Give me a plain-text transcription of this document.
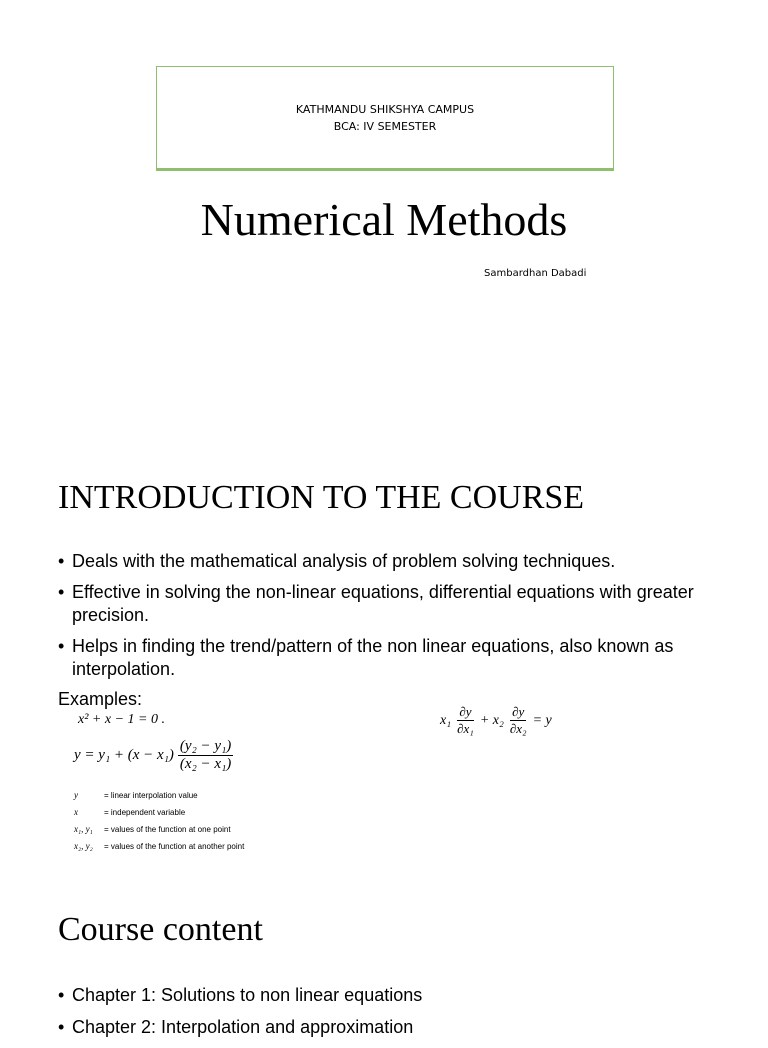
KATHMANDU SHIKSHYA CAMPUS
BCA: IV SEMESTER
Numerical Methods
Sambardhan Dabadi
INTRODUCTION TO THE COURSE
• Deals with the mathematical analysis of problem solving techniques.
• Effective in solving the non-linear equations, differential equations with greater precision.
• Helps in finding the trend/pattern of the non linear equations, also known as interpolation.
Examples:
x² + x − 1 = 0 .
$y = y_1 + (x - x_1) \frac{\text{(y₂ − y₁)}}{\text{(x₂ − x₁)}}$
y	= linear interpolation value
x	= independent variable
x₁, y₁	= values of the function at one point
x₂, y₂	= values of the function at another point
$x_1 \frac{\partial y}{\text{∂x₁}} + x_2 \frac{\partial y}{\text{∂x₂}} = y$
Course content
• Chapter 1: Solutions to non linear equations
• Chapter 2: Interpolation and approximation
